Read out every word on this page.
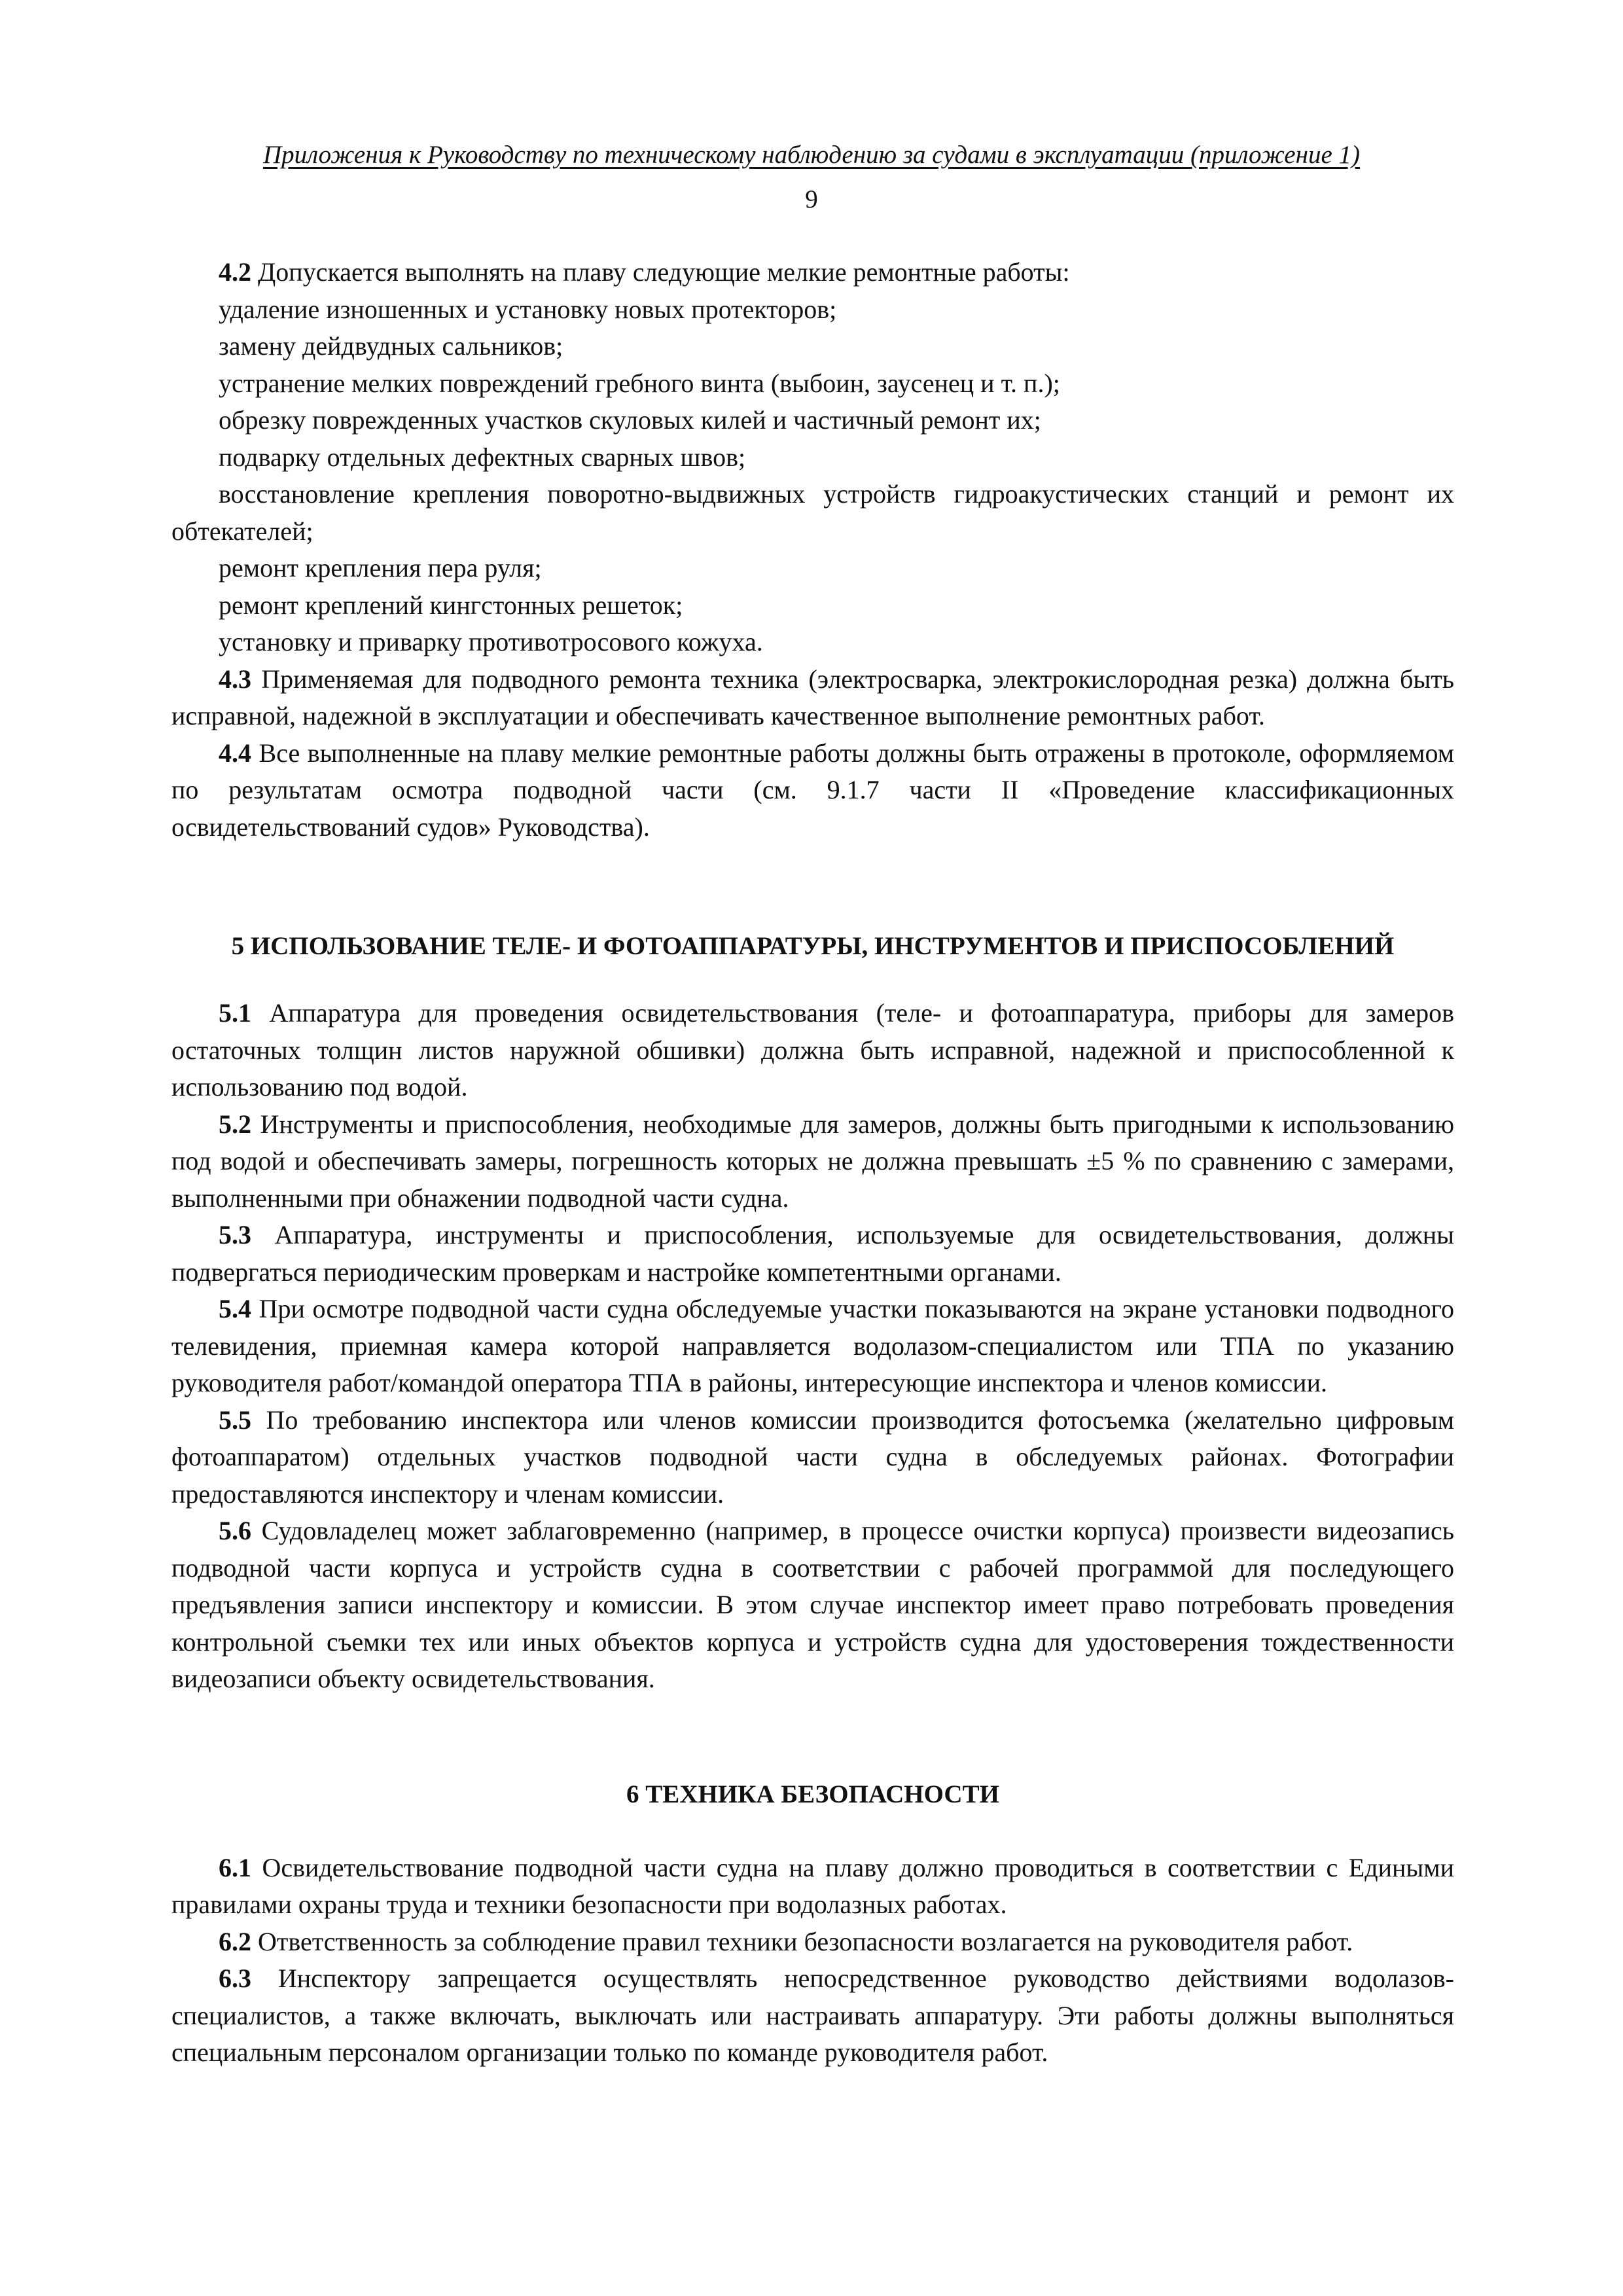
Приложения к Руководству по техническому наблюдению за судами в эксплуатации (приложение 1)
9

4.2 Допускается выполнять на плаву следующие мелкие ремонтные работы:

удаление изношенных и установку новых протекторов;

замену дейдвудных сальников;

устранение мелких повреждений гребного винта (выбоин, заусенец и т. п.);

обрезку поврежденных участков скуловых килей и частичный ремонт их;

подварку отдельных дефектных сварных швов;

восстановление крепления поворотно-выдвижных устройств гидроакустических станций и ремонт их обтекателей;

ремонт крепления пера руля;

ремонт креплений кингстонных решеток;

установку и приварку противотросового кожуха.

4.3 Применяемая для подводного ремонта техника (электросварка, электрокислородная резка) должна быть исправной, надежной в эксплуатации и обеспечивать качественное выполнение ремонтных работ.

4.4 Все выполненные на плаву мелкие ремонтные работы должны быть отражены в протоколе, оформляемом по результатам осмотра подводной части (см. 9.1.7 части II «Проведение классификационных освидетельствований судов» Руководства).

5 ИСПОЛЬЗОВАНИЕ ТЕЛЕ- И ФОТОАППАРАТУРЫ, ИНСТРУМЕНТОВ И ПРИСПОСОБЛЕНИЙ

5.1 Аппаратура для проведения освидетельствования (теле- и фотоаппаратура, приборы для замеров остаточных толщин листов наружной обшивки) должна быть исправной, надежной и приспособленной к использованию под водой.

5.2 Инструменты и приспособления, необходимые для замеров, должны быть пригодными к использованию под водой и обеспечивать замеры, погрешность которых не должна превышать ±5 % по сравнению с замерами, выполненными при обнажении подводной части судна.

5.3 Аппаратура, инструменты и приспособления, используемые для освидетельствования, должны подвергаться периодическим проверкам и настройке компетентными органами.

5.4 При осмотре подводной части судна обследуемые участки показываются на экране установки подводного телевидения, приемная камера которой направляется водолазом-специалистом или ТПА по указанию руководителя работ/командой оператора ТПА в районы, интересующие инспектора и членов комиссии.

5.5 По требованию инспектора или членов комиссии производится фотосъемка (желательно цифровым фотоаппаратом) отдельных участков подводной части судна в обследуемых районах. Фотографии предоставляются инспектору и членам комиссии.

5.6 Судовладелец может заблаговременно (например, в процессе очистки корпуса) произвести видеозапись подводной части корпуса и устройств судна в соответствии с рабочей программой для последующего предъявления записи инспектору и комиссии. В этом случае инспектор имеет право потребовать проведения контрольной съемки тех или иных объектов корпуса и устройств судна для удостоверения тождественности видеозаписи объекту освидетельствования.

6 ТЕХНИКА БЕЗОПАСНОСТИ

6.1 Освидетельствование подводной части судна на плаву должно проводиться в соответствии с Едиными правилами охраны труда и техники безопасности при водолазных работах.

6.2 Ответственность за соблюдение правил техники безопасности возлагается на руководителя работ.

6.3 Инспектору запрещается осуществлять непосредственное руководство действиями водолазов-специалистов, а также включать, выключать или настраивать аппаратуру. Эти работы должны выполняться специальным персоналом организации только по команде руководителя работ.
